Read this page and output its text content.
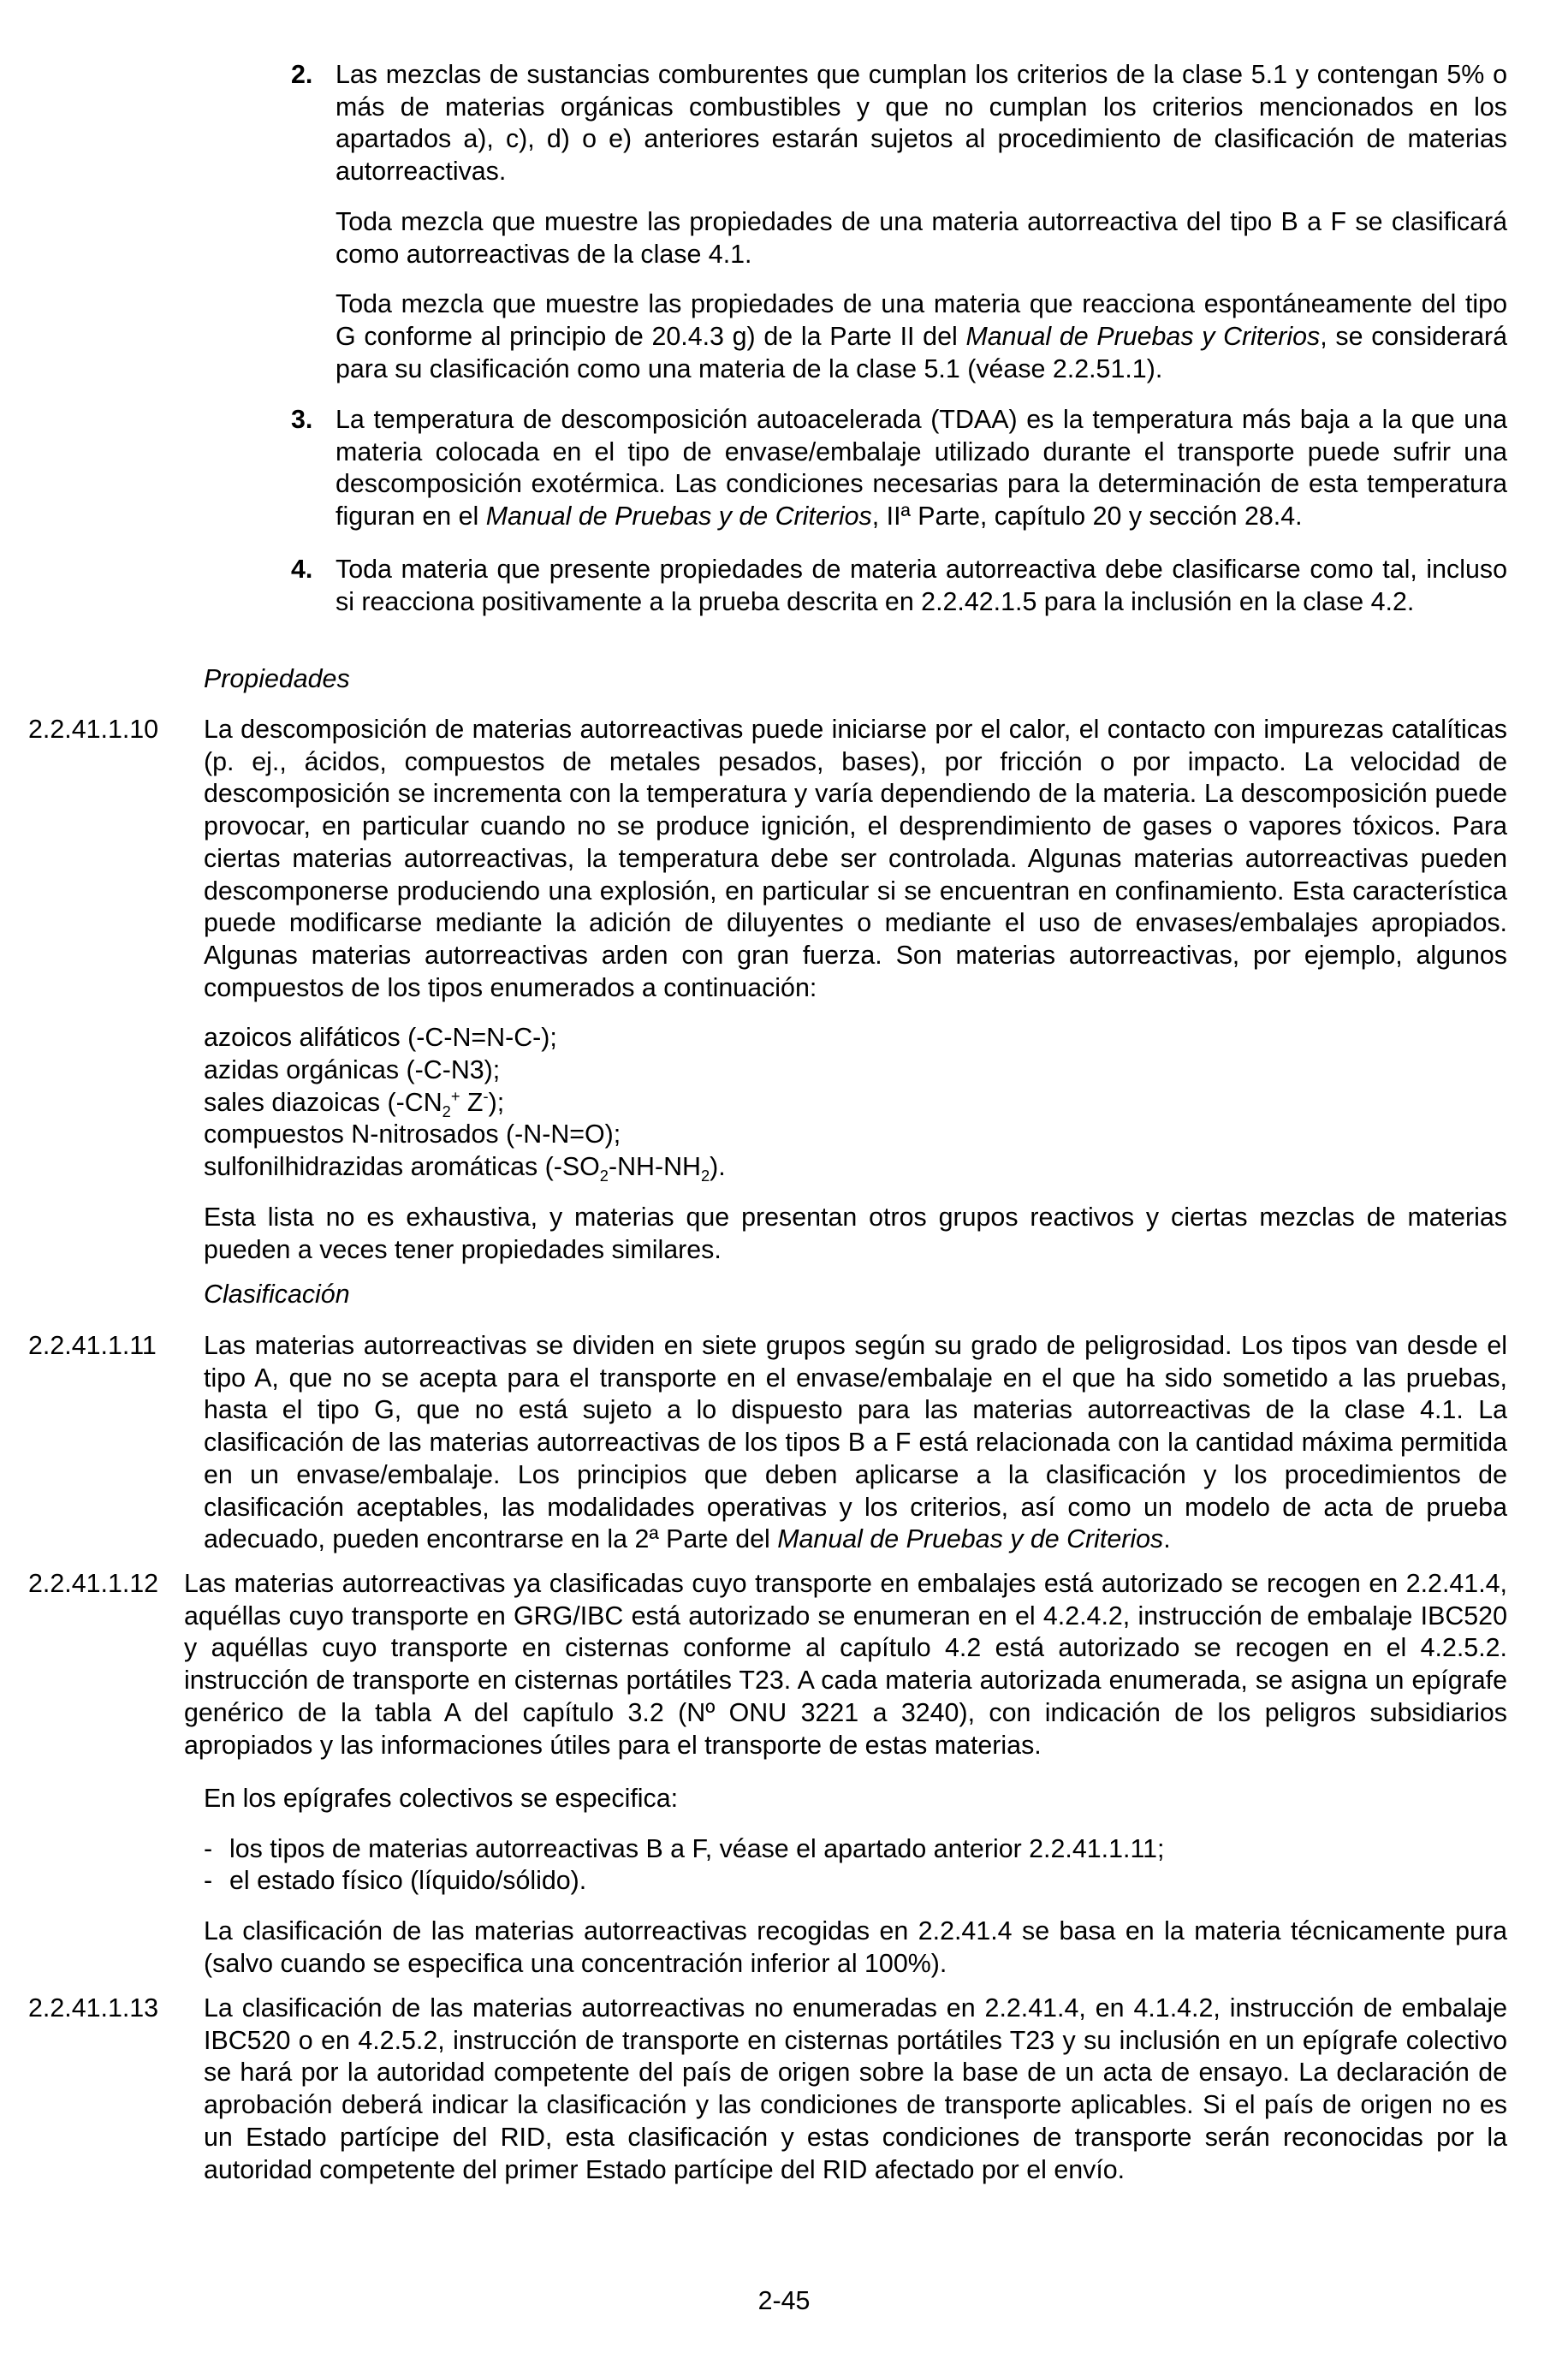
2. Las mezclas de sustancias comburentes que cumplan los criterios de la clase 5.1 y contengan 5% o más de materias orgánicas combustibles y que no cumplan los criterios mencionados en los apartados a), c), d) o e) anteriores estarán sujetos al procedimiento de clasificación de materias autorreactivas.

Toda mezcla que muestre las propiedades de una materia autorreactiva del tipo B a F se clasificará como autorreactivas de la clase 4.1.

Toda mezcla que muestre las propiedades de una materia que reacciona espontáneamente del tipo G conforme al principio de 20.4.3 g) de la Parte II del Manual de Pruebas y Criterios, se considerará para su clasificación como una materia de la clase 5.1 (véase 2.2.51.1).

3. La temperatura de descomposición autoacelerada (TDAA) es la temperatura más baja a la que una materia colocada en el tipo de envase/embalaje utilizado durante el transporte puede sufrir una descomposición exotérmica. Las condiciones necesarias para la determinación de esta temperatura figuran en el Manual de Pruebas y de Criterios, IIª Parte, capítulo 20 y sección 28.4.

4. Toda materia que presente propiedades de materia autorreactiva debe clasificarse como tal, incluso si reacciona positivamente a la prueba descrita en 2.2.42.1.5 para la inclusión en la clase 4.2.

Propiedades
2.2.41.1.10 La descomposición de materias autorreactivas puede iniciarse por el calor, el contacto con impurezas catalíticas (p. ej., ácidos, compuestos de metales pesados, bases), por fricción o por impacto. La velocidad de descomposición se incrementa con la temperatura y varía dependiendo de la materia. La descomposición puede provocar, en particular cuando no se produce ignición, el desprendimiento de gases o vapores tóxicos. Para ciertas materias autorreactivas, la temperatura debe ser controlada. Algunas materias autorreactivas pueden descomponerse produciendo una explosión, en particular si se encuentran en confinamiento. Esta característica puede modificarse mediante la adición de diluyentes o mediante el uso de envases/embalajes apropiados. Algunas materias autorreactivas arden con gran fuerza. Son materias autorreactivas, por ejemplo, algunos compuestos de los tipos enumerados a continuación:

azoicos alifáticos (-C-N=N-C-);
azidas orgánicas (-C-N3);
sales diazoicas ($-CN_2^+$ Z-);
compuestos N-nitrosados (-N-N=O);
sulfonilhidrazidas aromáticas $(-SO_2-NH-NH_2)$.

Esta lista no es exhaustiva, y materias que presentan otros grupos reactivos y ciertas mezclas de materias pueden a veces tener propiedades similares.

Clasificación
2.2.41.1.11 Las materias autorreactivas se dividen en siete grupos según su grado de peligrosidad. Los tipos van desde el tipo A, que no se acepta para el transporte en el envase/embalaje en el que ha sido sometido a las pruebas, hasta el tipo G, que no está sujeto a lo dispuesto para las materias autorreactivas de la clase 4.1. La clasificación de las materias autorreactivas de los tipos B a F está relacionada con la cantidad máxima permitida en un envase/embalaje. Los principios que deben aplicarse a la clasificación y los procedimientos de clasificación aceptables, las modalidades operativas y los criterios, así como un modelo de acta de prueba adecuado, pueden encontrarse en la 2ª Parte del Manual de Pruebas y de Criterios.

2.2.41.1.12 Las materias autorreactivas ya clasificadas cuyo transporte en embalajes está autorizado se recogen en 2.2.41.4, aquéllas cuyo transporte en GRG/IBC está autorizado se enumeran en el 4.2.4.2, instrucción de embalaje IBC520 y aquéllas cuyo transporte en cisternas conforme al capítulo 4.2 está autorizado se recogen en el 4.2.5.2. instrucción de transporte en cisternas portátiles T23. A cada materia autorizada enumerada, se asigna un epígrafe genérico de la tabla A del capítulo 3.2 (Nº ONU 3221 a 3240), con indicación de los peligros subsidiarios apropiados y las informaciones útiles para el transporte de estas materias.

En los epígrafes colectivos se especifica:

- los tipos de materias autorreactivas B a F, véase el apartado anterior 2.2.41.1.11;
- el estado físico (líquido/sólido).

La clasificación de las materias autorreactivas recogidas en 2.2.41.4 se basa en la materia técnicamente pura (salvo cuando se especifica una concentración inferior al 100%).

2.2.41.1.13 La clasificación de las materias autorreactivas no enumeradas en 2.2.41.4, en 4.1.4.2, instrucción de embalaje IBC520 o en 4.2.5.2, instrucción de transporte en cisternas portátiles T23 y su inclusión en un epígrafe colectivo se hará por la autoridad competente del país de origen sobre la base de un acta de ensayo. La declaración de aprobación deberá indicar la clasificación y las condiciones de transporte aplicables. Si el país de origen no es un Estado partícipe del RID, esta clasificación y estas condiciones de transporte serán reconocidas por la autoridad competente del primer Estado partícipe del RID afectado por el envío.

2-45
